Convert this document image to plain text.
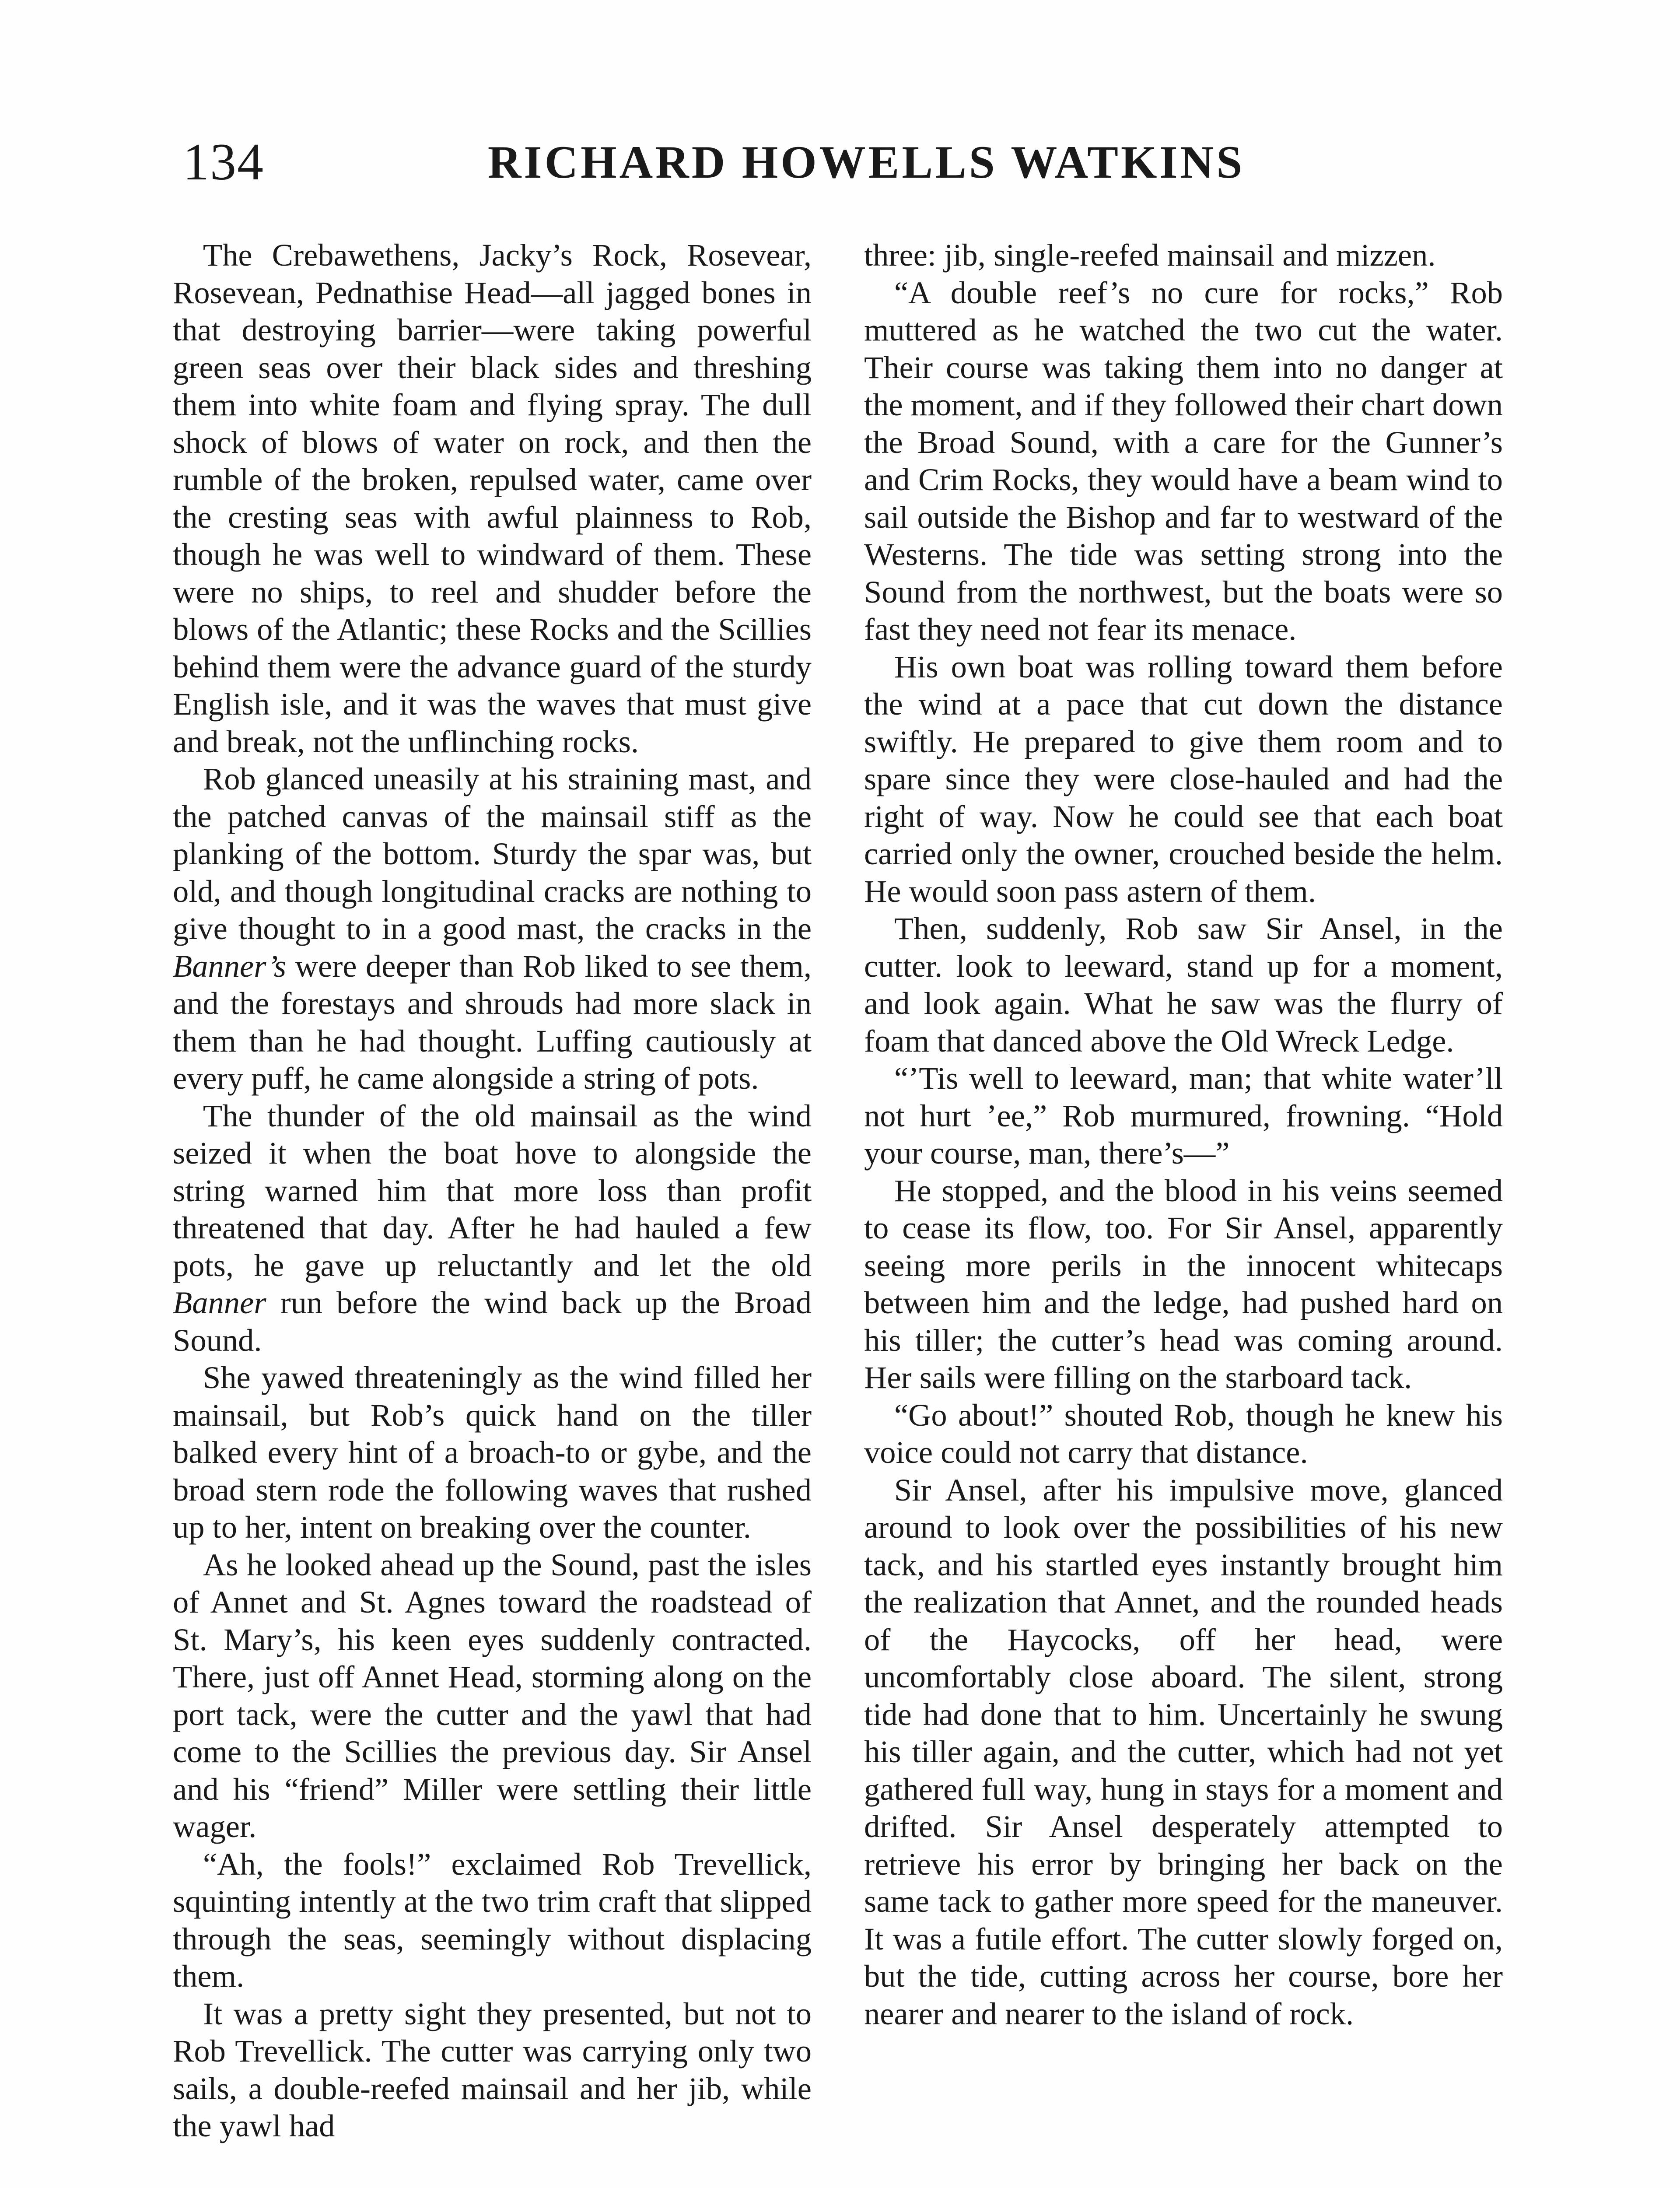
134	RICHARD HOWELLS WATKINS

The Crebawethens, Jacky’s Rock, Rosevear, Rosevean, Pednathise Head—all jagged bones in that destroying barrier—were taking powerful green seas over their black sides and threshing them into white foam and flying spray. The dull shock of blows of water on rock, and then the rumble of the broken, repulsed water, came over the cresting seas with awful plainness to Rob, though he was well to windward of them. These were no ships, to reel and shudder before the blows of the Atlantic; these Rocks and the Scillies behind them were the advance guard of the sturdy English isle, and it was the waves that must give and break, not the unflinching rocks.

Rob glanced uneasily at his straining mast, and the patched canvas of the mainsail stiff as the planking of the bottom. Sturdy the spar was, but old, and though longitudinal cracks are nothing to give thought to in a good mast, the cracks in the Banner’s were deeper than Rob liked to see them, and the forestays and shrouds had more slack in them than he had thought. Luffing cautiously at every puff, he came alongside a string of pots.

The thunder of the old mainsail as the wind seized it when the boat hove to alongside the string warned him that more loss than profit threatened that day. After he had hauled a few pots, he gave up reluctantly and let the old Banner run before the wind back up the Broad Sound.

She yawed threateningly as the wind filled her mainsail, but Rob’s quick hand on the tiller balked every hint of a broach-to or gybe, and the broad stern rode the following waves that rushed up to her, intent on breaking over the counter.

As he looked ahead up the Sound, past the isles of Annet and St. Agnes toward the roadstead of St. Mary’s, his keen eyes suddenly contracted. There, just off Annet Head, storming along on the port tack, were the cutter and the yawl that had come to the Scillies the previous day. Sir Ansel and his “friend” Miller were settling their little wager.

“Ah, the fools!” exclaimed Rob Trevellick, squinting intently at the two trim craft that slipped through the seas, seemingly without displacing them.

It was a pretty sight they presented, but not to Rob Trevellick. The cutter was carrying only two sails, a double-reefed mainsail and her jib, while the yawl had

three: jib, single-reefed mainsail and mizzen.

“A double reef’s no cure for rocks,” Rob muttered as he watched the two cut the water. Their course was taking them into no danger at the moment, and if they followed their chart down the Broad Sound, with a care for the Gunner’s and Crim Rocks, they would have a beam wind to sail outside the Bishop and far to westward of the Westerns. The tide was setting strong into the Sound from the northwest, but the boats were so fast they need not fear its menace.

His own boat was rolling toward them before the wind at a pace that cut down the distance swiftly. He prepared to give them room and to spare since they were close-hauled and had the right of way. Now he could see that each boat carried only the owner, crouched beside the helm. He would soon pass astern of them.

Then, suddenly, Rob saw Sir Ansel, in the cutter. look to leeward, stand up for a moment, and look again. What he saw was the flurry of foam that danced above the Old Wreck Ledge.

“’Tis well to leeward, man; that white water’ll not hurt ’ee,” Rob murmured, frowning. “Hold your course, man, there’s—”

He stopped, and the blood in his veins seemed to cease its flow, too. For Sir Ansel, apparently seeing more perils in the innocent whitecaps between him and the ledge, had pushed hard on his tiller; the cutter’s head was coming around. Her sails were filling on the starboard tack.

“Go about!” shouted Rob, though he knew his voice could not carry that distance.

Sir Ansel, after his impulsive move, glanced around to look over the possibilities of his new tack, and his startled eyes instantly brought him the realization that Annet, and the rounded heads of the Haycocks, off her head, were uncomfortably close aboard. The silent, strong tide had done that to him. Uncertainly he swung his tiller again, and the cutter, which had not yet gathered full way, hung in stays for a moment and drifted. Sir Ansel desperately attempted to retrieve his error by bringing her back on the same tack to gather more speed for the maneuver. It was a futile effort. The cutter slowly forged on, but the tide, cutting across her course, bore her nearer and nearer to the island of rock.
